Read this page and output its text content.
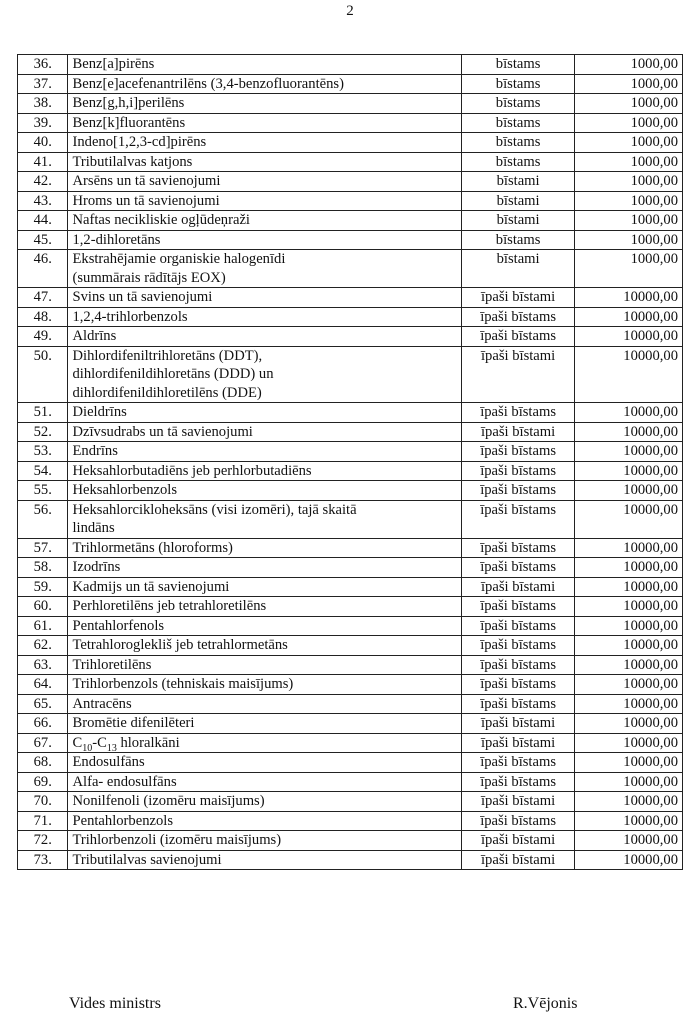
2
36.	Benz[a]pirēns	bīstams	1000,00
37.	Benz[e]acefenantrilēns (3,4-benzofluorantēns)	bīstams	1000,00
38.	Benz[g,h,i]perilēns	bīstams	1000,00
39.	Benz[k]fluorantēns	bīstams	1000,00
40.	Indeno[1,2,3-cd]pirēns	bīstams	1000,00
41.	Tributilalvas katjons	bīstams	1000,00
42.	Arsēns un tā savienojumi	bīstami	1000,00
43.	Hroms un tā savienojumi	bīstami	1000,00
44.	Naftas necikliskie ogļūdeņraži	bīstami	1000,00
45.	1,2-dihloretāns	bīstams	1000,00
46.	Ekstrahējamie organiskie halogenīdi
(summārais rādītājs EOX)	bīstami	1000,00
47.	Svins un tā savienojumi	īpaši bīstami	10000,00
48.	1,2,4-trihlorbenzols	īpaši bīstams	10000,00
49.	Aldrīns	īpaši bīstams	10000,00
50.	Dihlordifeniltrihloretāns (DDT),
dihlordifenildihloretāns (DDD) un
dihlordifenildihloretilēns (DDE)	īpaši bīstami	10000,00
51.	Dieldrīns	īpaši bīstams	10000,00
52.	Dzīvsudrabs un tā savienojumi	īpaši bīstami	10000,00
53.	Endrīns	īpaši bīstams	10000,00
54.	Heksahlorbutadiēns jeb perhlorbutadiēns	īpaši bīstams	10000,00
55.	Heksahlorbenzols	īpaši bīstams	10000,00
56.	Heksahlorcikloheksāns (visi izomēri), tajā skaitā
lindāns	īpaši bīstams	10000,00
57.	Trihlormetāns (hloroforms)	īpaši bīstams	10000,00
58.	Izodrīns	īpaši bīstams	10000,00
59.	Kadmijs un tā savienojumi	īpaši bīstami	10000,00
60.	Perhloretilēns jeb tetrahloretilēns	īpaši bīstams	10000,00
61.	Pentahlorfenols	īpaši bīstams	10000,00
62.	Tetrahloroglekliš jeb tetrahlormetāns	īpaši bīstams	10000,00
63.	Trihloretilēns	īpaši bīstams	10000,00
64.	Trihlorbenzols (tehniskais maisījums)	īpaši bīstams	10000,00
65.	Antracēns	īpaši bīstams	10000,00
66.	Bromētie difenilēteri	īpaši bīstami	10000,00
67.	$C_{10}-C_{13}$ hloralkāni	īpaši bīstami	10000,00
68.	Endosulfāns	īpaši bīstams	10000,00
69.	Alfa- endosulfāns	īpaši bīstams	10000,00
70.	Nonilfenoli (izomēru maisījums)	īpaši bīstami	10000,00
71.	Pentahlorbenzols	īpaši bīstams	10000,00
72.	Trihlorbenzoli (izomēru maisījums)	īpaši bīstami	10000,00
73.	Tributilalvas savienojumi	īpaši bīstami	10000,00
Vides ministrs	R.Vējonis
